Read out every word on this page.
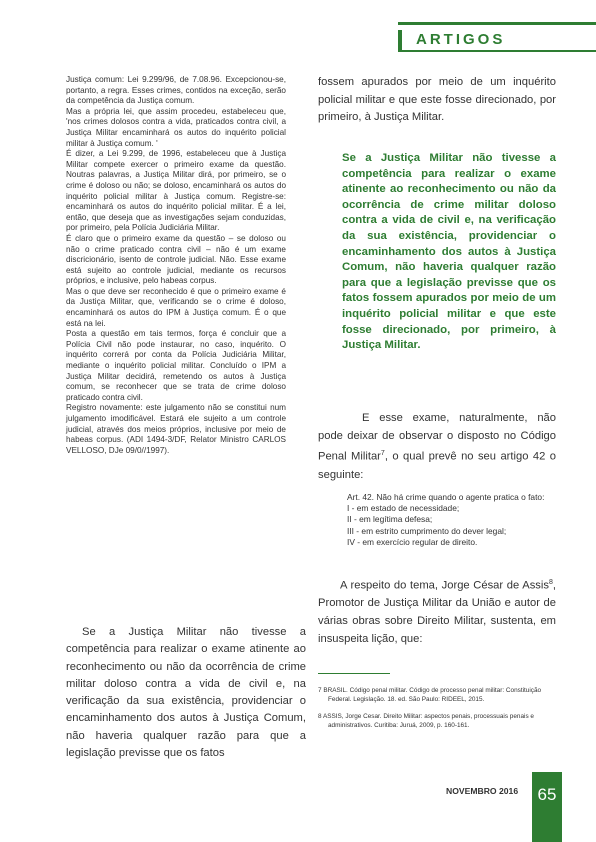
ARTIGOS

Justiça comum: Lei 9.299/96, de 7.08.96. Excepcionou-se, portanto, a regra. Esses crimes, contidos na exceção, serão da competência da Justiça comum.

Mas a própria lei, que assim procedeu, estabeleceu que, 'nos crimes dolosos contra a vida, praticados contra civil, a Justiça Militar encaminhará os autos do inquérito policial militar à Justiça comum. '

É dizer, a Lei 9.299, de 1996, estabeleceu que à Justiça Militar compete exercer o primeiro exame da questão. Noutras palavras, a Justiça Militar dirá, por primeiro, se o crime é doloso ou não; se doloso, encaminhará os autos do inquérito policial militar à Justiça comum. Registre-se: encaminhará os autos do inquérito policial militar. É a lei, então, que deseja que as investigações sejam conduzidas, por primeiro, pela Polícia Judiciária Militar.

É claro que o primeiro exame da questão – se doloso ou não o crime praticado contra civil – não é um exame discricionário, isento de controle judicial. Não. Esse exame está sujeito ao controle judicial, mediante os recursos próprios, e inclusive, pelo habeas corpus.

Mas o que deve ser reconhecido é que o primeiro exame é da Justiça Militar, que, verificando se o crime é doloso, encaminhará os autos do IPM à Justiça comum. É o que está na lei.

Posta a questão em tais termos, força é concluir que a Polícia Civil não pode instaurar, no caso, inquérito. O inquérito correrá por conta da Polícia Judiciária Militar, mediante o inquérito policial militar. Concluído o IPM a Justiça Militar decidirá, remetendo os autos à Justiça comum, se reconhecer que se trata de crime doloso praticado contra civil.

Registro novamente: este julgamento não se constitui num julgamento imodificável. Estará ele sujeito a um controle judicial, através dos meios próprios, inclusive por meio de habeas corpus. (ADI 1494-3/DF, Relator Ministro CARLOS VELLOSO, DJe 09/0//1997).

Se a Justiça Militar não tivesse a competência para realizar o exame atinente ao reconhecimento ou não da ocorrência de crime militar doloso contra a vida de civil e, na verificação da sua existência, providenciar o encaminhamento dos autos à Justiça Comum, não haveria qualquer razão para que a legislação previsse que os fatos

fossem apurados por meio de um inquérito policial militar e que este fosse direcionado, por primeiro, à Justiça Militar.

Se a Justiça Militar não tivesse a competência para realizar o exame atinente ao reconhecimento ou não da ocorrência de crime militar doloso contra a vida de civil e, na verificação da sua existência, providenciar o encaminhamento dos autos à Justiça Comum, não haveria qualquer razão para que a legislação previsse que os fatos fossem apurados por meio de um inquérito policial militar e que este fosse direcionado, por primeiro, à Justiça Militar.

E esse exame, naturalmente, não pode deixar de observar o disposto no Código Penal Militar$^7$, o qual prevê no seu artigo 42 o seguinte:

Art. 42. Não há crime quando o agente pratica o fato:
I - em estado de necessidade;
II - em legítima defesa;
III - em estrito cumprimento do dever legal;
IV - em exercício regular de direito.

A respeito do tema, Jorge César de Assis$^8$, Promotor de Justiça Militar da União e autor de várias obras sobre Direito Militar, sustenta, em insuspeita lição, que:

7 BRASIL. Código penal militar. Código de processo penal militar: Constituição Federal. Legislação. 18. ed. São Paulo: RIDEEL, 2015.

8 ASSIS, Jorge Cesar. Direito Militar: aspectos penais, processuais penais e administrativos. Curitiba: Juruá, 2009, p. 160-161.

NOVEMBRO 2016	65
